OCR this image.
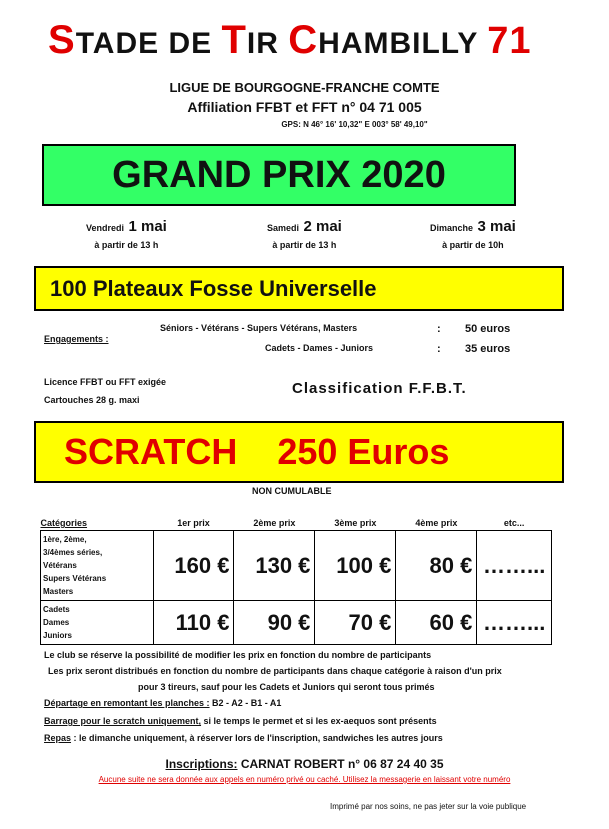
STADE DE TIR CHAMBILLY 71
LIGUE DE BOURGOGNE-FRANCHE COMTE
Affiliation FFBT et FFT n° 04 71 005
GPS: N 46° 16' 10,32" E 003° 58' 49,10"
GRAND PRIX 2020
Vendredi 1 mai
à partir de 13 h
Samedi 2 mai
à partir de 13 h
Dimanche 3 mai
à partir de 10h
100 Plateaux Fosse Universelle
Engagements :
Séniors - Vétérans - Supers Vétérans, Masters	: 50 euros
Cadets - Dames - Juniors	: 35 euros
Licence FFBT ou FFT exigée
Cartouches 28 g. maxi
Classification F.F.B.T.
SCRATCH    250 Euros
NON CUMULABLE
Catégories	1er prix	2ème prix	3ème prix	4ème prix	etc...

1ère, 2ème,
3/4èmes séries,
Vétérans
Supers Vétérans
Masters	160 €	130 €	100 €	80 €	……...

Cadets
Dames
Juniors	110 €	90 €	70 €	60 €	……...
Le club se réserve la possibilité de modifier les prix en fonction du nombre de participants
Les prix seront distribués en fonction du nombre de participants dans chaque catégorie à raison d'un prix
pour 3 tireurs, sauf pour les Cadets et Juniors qui seront tous primés
Départage en remontant les planches : B2 - A2 - B1 - A1
Barrage pour le scratch uniquement, si le temps le permet et si les ex-aequos sont présents
Repas : le dimanche uniquement, à réserver lors de l'inscription, sandwiches les autres jours
Inscriptions: CARNAT ROBERT n° 06 87 24 40 35
Aucune suite ne sera donnée aux appels en numéro privé ou caché. Utilisez la messagerie en laissant votre numéro
Imprimé par nos soins, ne pas jeter sur la voie publique
